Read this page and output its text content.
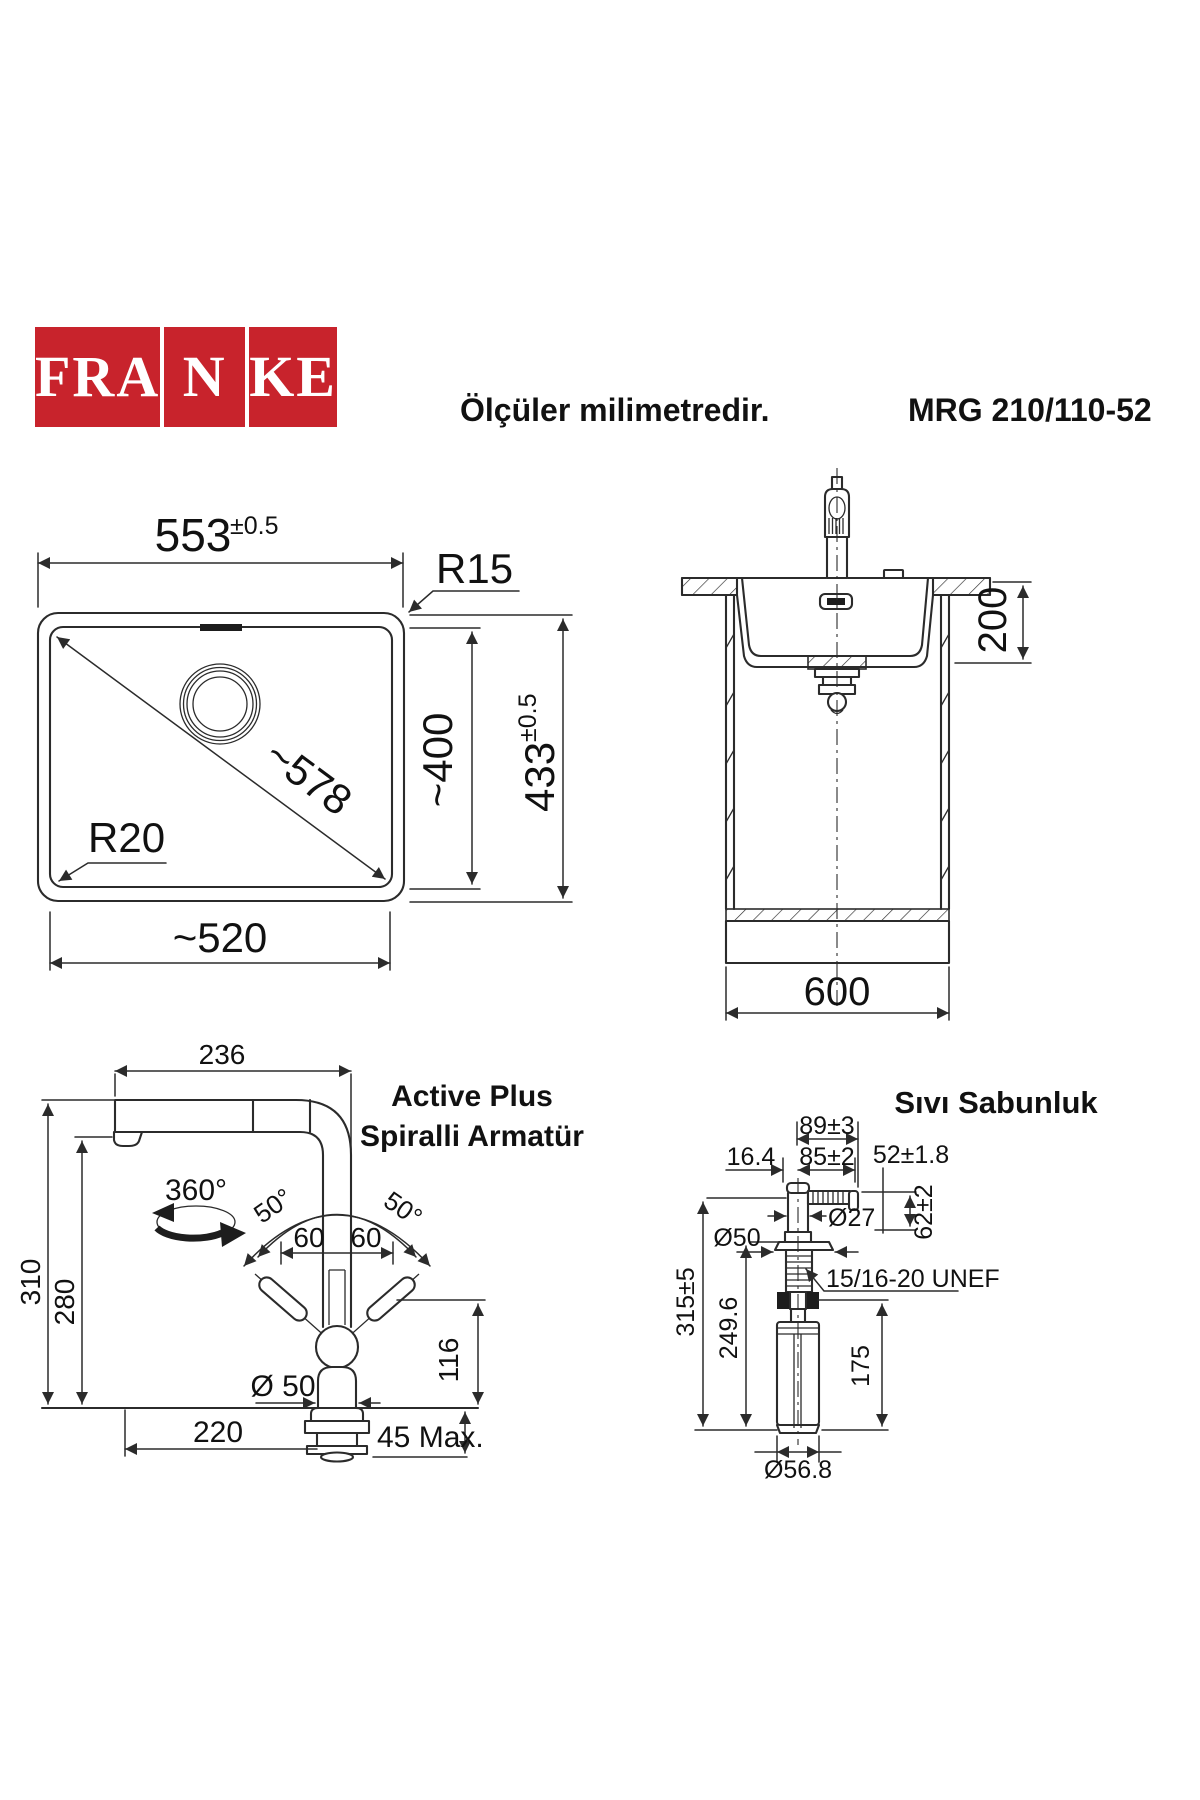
FRA N KE
Ölçüler milimetredir.	MRG 210/110-52
553
±0.5
R15
R20
~578 ~400 433
±0.5
~520
200
600
Active Plus
Spiralli Armatür
236
360° 50°	50°
60 60
310 280
Ø 50
116
220	45 Max.
Sıvı Sabunluk
89±3
16.4 85±2 52±1.8
Ø27 62±2
Ø50
15/16-20 UNEF
315±5 249.6
175
Ø56.8
